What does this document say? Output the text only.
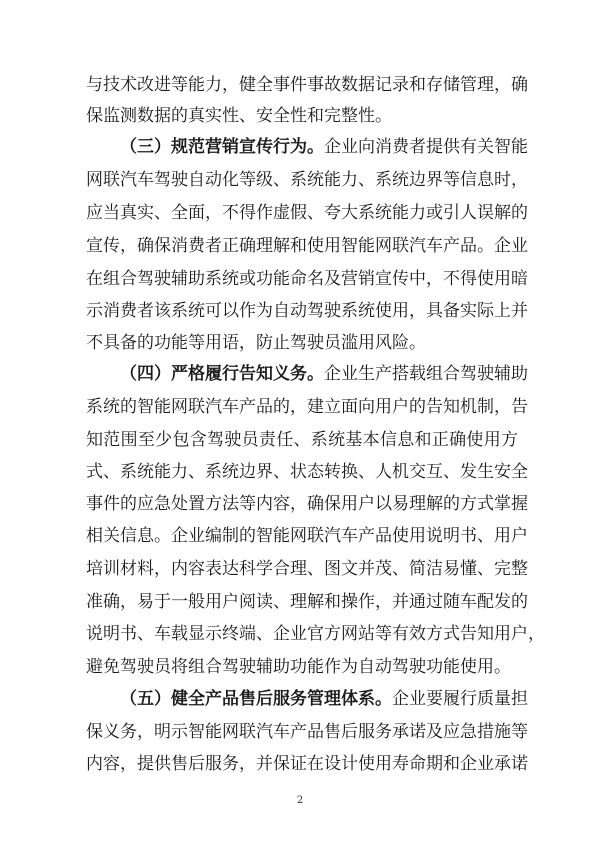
与技术改进等能力，健全事件事故数据记录和存储管理，确
保监测数据的真实性、安全性和完整性。
（三）规范营销宣传行为。企业向消费者提供有关智能
网联汽车驾驶自动化等级、系统能力、系统边界等信息时，
应当真实、全面，不得作虚假、夸大系统能力或引人误解的
宣传，确保消费者正确理解和使用智能网联汽车产品。企业
在组合驾驶辅助系统或功能命名及营销宣传中，不得使用暗
示消费者该系统可以作为自动驾驶系统使用，具备实际上并
不具备的功能等用语，防止驾驶员滥用风险。
（四）严格履行告知义务。企业生产搭载组合驾驶辅助
系统的智能网联汽车产品的，建立面向用户的告知机制，告
知范围至少包含驾驶员责任、系统基本信息和正确使用方
式、系统能力、系统边界、状态转换、人机交互、发生安全
事件的应急处置方法等内容，确保用户以易理解的方式掌握
相关信息。企业编制的智能网联汽车产品使用说明书、用户
培训材料，内容表达科学合理、图文并茂、简洁易懂、完整
准确，易于一般用户阅读、理解和操作，并通过随车配发的
说明书、车载显示终端、企业官方网站等有效方式告知用户，
避免驾驶员将组合驾驶辅助功能作为自动驾驶功能使用。
（五）健全产品售后服务管理体系。企业要履行质量担
保义务，明示智能网联汽车产品售后服务承诺及应急措施等
内容，提供售后服务，并保证在设计使用寿命期和企业承诺
2
